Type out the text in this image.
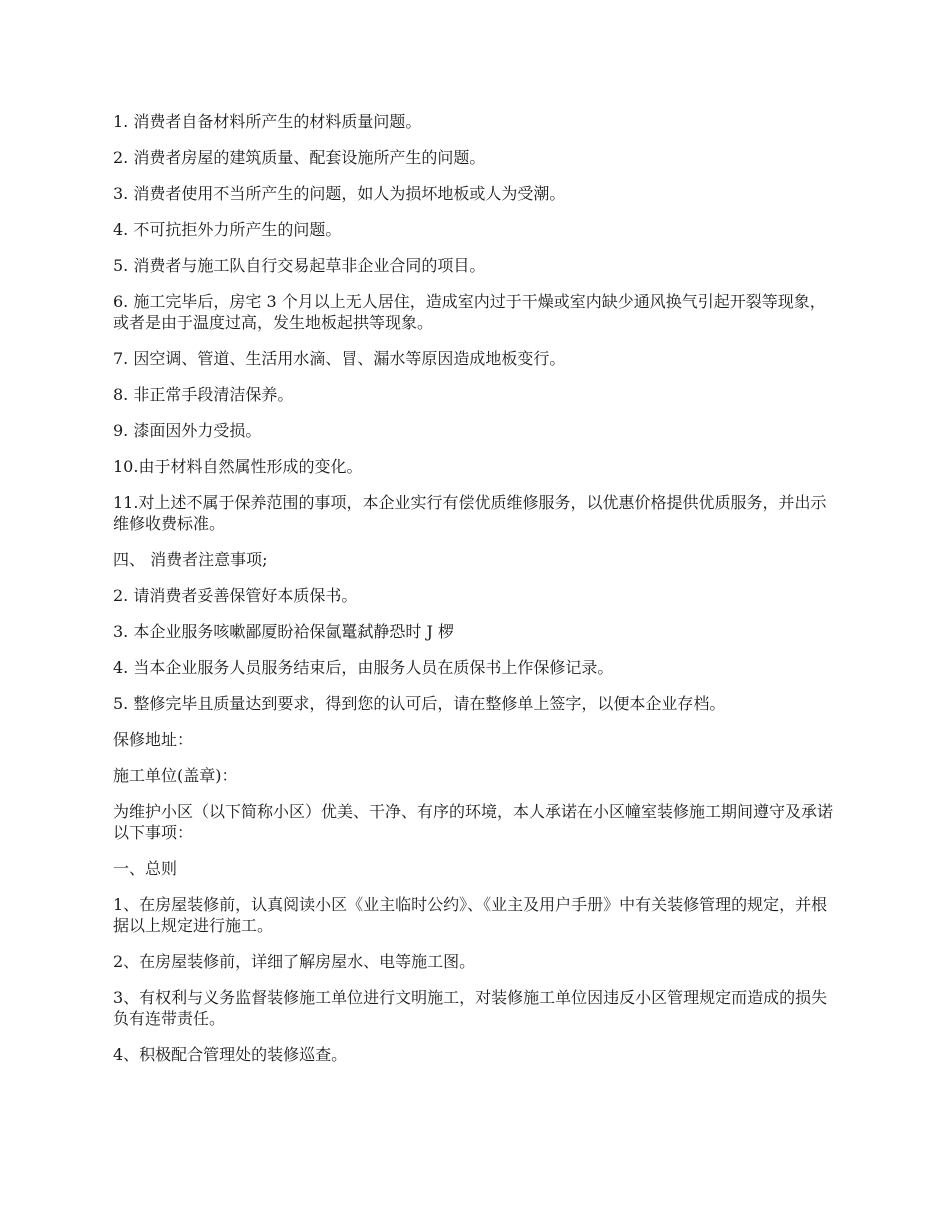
1. 消费者自备材料所产生的材料质量问题。

2. 消费者房屋的建筑质量、配套设施所产生的问题。

3. 消费者使用不当所产生的问题，如人为损坏地板或人为受潮。

4. 不可抗拒外力所产生的问题。

5. 消费者与施工队自行交易起草非企业合同的项目。

6. 施工完毕后，房宅 3 个月以上无人居住，造成室内过于干燥或室内缺少通风换气引起开裂等现象，或者是由于温度过高，发生地板起拱等现象。

7. 因空调、管道、生活用水滴、冒、漏水等原因造成地板变行。

8. 非正常手段清洁保养。

9. 漆面因外力受损。

10.由于材料自然属性形成的变化。

11.对上述不属于保养范围的事项，本企业实行有偿优质维修服务，以优惠价格提供优质服务，并出示维修收费标准。

四、 消费者注意事项;

2. 请消费者妥善保管好本质保书。

3. 本企业服务咳嗽鄙厦盼袷保氤鼍弑静恐时 J 椤

4. 当本企业服务人员服务结束后，由服务人员在质保书上作保修记录。

5. 整修完毕且质量达到要求，得到您的认可后，请在整修单上签字，以便本企业存档。

保修地址：

施工单位(盖章)：

为维护小区（以下简称小区）优美、干净、有序的环境，本人承诺在小区幢室装修施工期间遵守及承诺以下事项：

一、总则

1、在房屋装修前，认真阅读小区《业主临时公约》、《业主及用户手册》中有关装修管理的规定，并根据以上规定进行施工。

2、在房屋装修前，详细了解房屋水、电等施工图。

3、有权利与义务监督装修施工单位进行文明施工，对装修施工单位因违反小区管理规定而造成的损失负有连带责任。

4、积极配合管理处的装修巡查。
